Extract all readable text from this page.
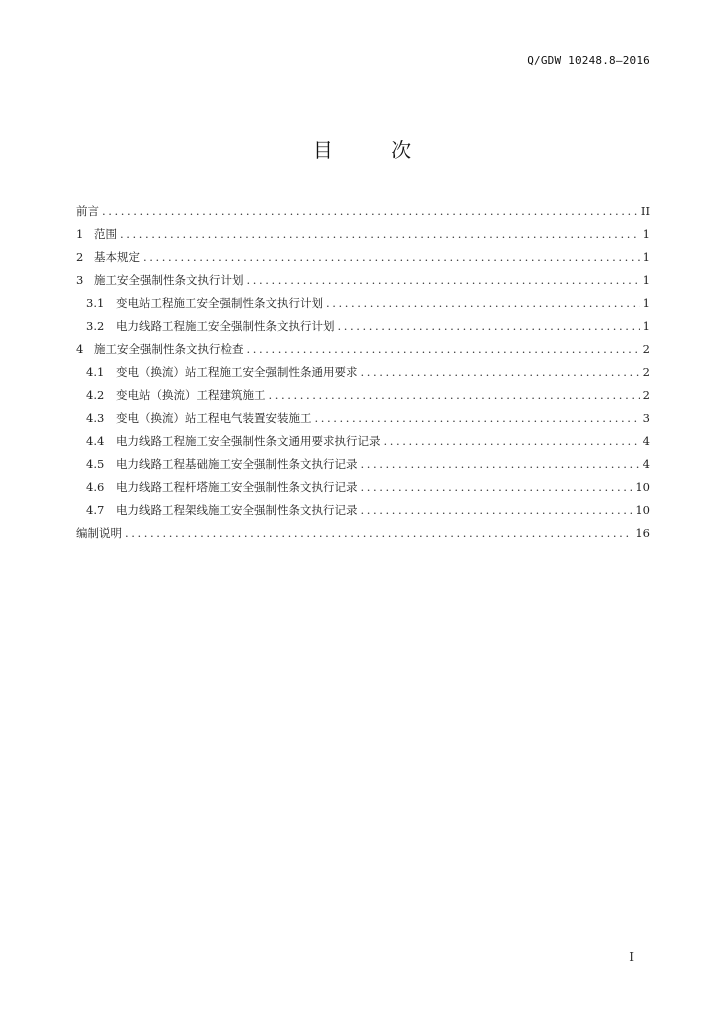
Q/GDW 10248.8—2016
目 次
前言 .....	II
1 范围 .....	1
2 基本规定 .....	1
3 施工安全强制性条文执行计划 .....	1
3.1	变电站工程施工安全强制性条文执行计划 .....	1
3.2	电力线路工程施工安全强制性条文执行计划 .....	1
4 施工安全强制性条文执行检查 .....	2
4.1	变电（换流）站工程施工安全强制性条通用要求 .....	2
4.2	变电站（换流）工程建筑施工 .....	2
4.3	变电（换流）站工程电气装置安装施工 .....	3
4.4	电力线路工程施工安全强制性条文通用要求执行记录 .....	4
4.5	电力线路工程基础施工安全强制性条文执行记录 .....	4
4.6	电力线路工程杆塔施工安全强制性条文执行记录 .....	10
4.7	电力线路工程架线施工安全强制性条文执行记录 .....	10
编制说明 .....	16
I
